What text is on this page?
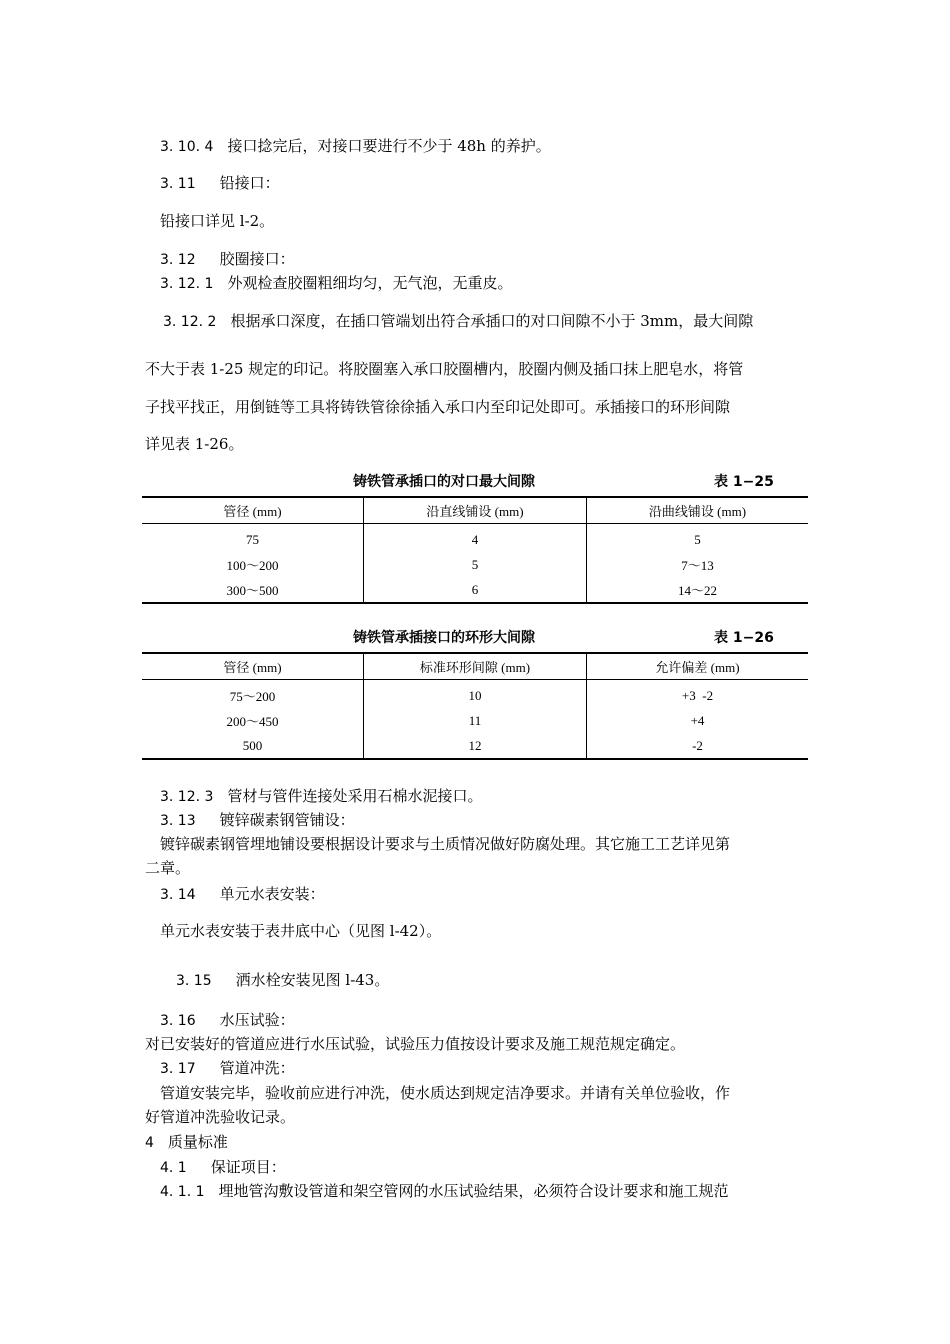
3. 10. 4 接口捻完后，对接口要进行不少于 48h 的养护。
3. 11 铅接口：
铅接口详见 l-2。
3. 12 胶圈接口：
3. 12. 1 外观检查胶圈粗细均匀，无气泡，无重皮。
3. 12. 2 根据承口深度，在插口管端划出符合承插口的对口间隙不小于 3mm，最大间隙
不大于表 1-25 规定的印记。将胶圈塞入承口胶圈槽内，胶圈内侧及插口抹上肥皂水，将管
子找平找正，用倒链等工具将铸铁管徐徐插入承口内至印记处即可。承插接口的环形间隙
详见表 1-26。
铸铁管承插口的对口最大间隙	表 1−25
管径 (mm)	沿直线铺设 (mm)	沿曲线铺设 (mm)
75	4	5
100～200	5	7～13
300～500	6	14～22
铸铁管承插接口的环形大间隙	表 1−26
管径 (mm)	标准环形间隙 (mm)	允许偏差 (mm)
75～200	10	+3  -2
200～450	11	+4
500	12	-2
3. 12. 3 管材与管件连接处采用石棉水泥接口。
3. 13 镀锌碳素钢管铺设：
镀锌碳素钢管埋地铺设要根据设计要求与土质情况做好防腐处理。其它施工工艺详见第
二章。
3. 14 单元水表安装：
单元水表安装于表井底中心（见图 l-42）。
3. 15 洒水栓安装见图 l-43。
3. 16 水压试验：
对已安装好的管道应进行水压试验，试验压力值按设计要求及施工规范规定确定。
3. 17 管道冲洗：
管道安装完毕，验收前应进行冲洗，使水质达到规定洁净要求。并请有关单位验收，作
好管道冲洗验收记录。
4 质量标准
4. 1 保证项目：
4. 1. 1 埋地管沟敷设管道和架空管网的水压试验结果，必须符合设计要求和施工规范
